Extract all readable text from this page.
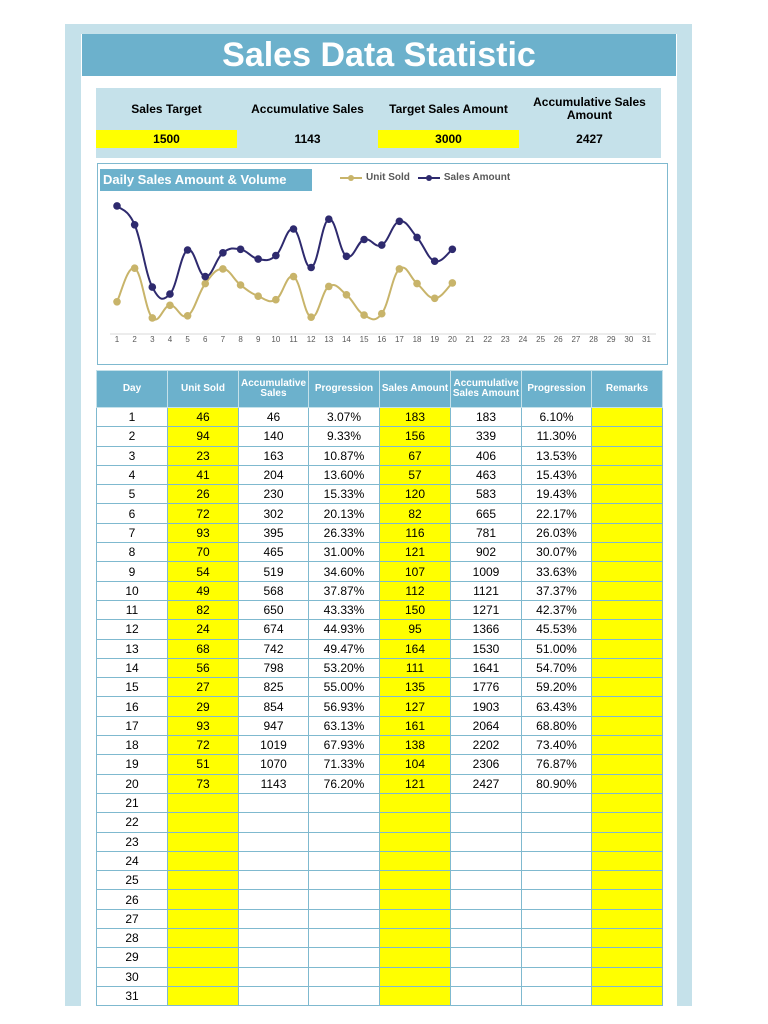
Sales Data Statistic
Sales Target	Accumulative Sales	Target Sales Amount	Accumulative Sales Amount
1500	1143	3000	2427
1 2 3 4 5 6 7 8 9 10 11 12 13 14 15 16 17 18 19 20 21 22 23 24 25 26 27 28 29 30 31
Daily Sales Amount & Volume	Unit Sold	Sales Amount
Day	Unit Sold	Accumulative Sales	Progression	Sales Amount	Accumulative Sales Amount	Progression	Remarks
1	46	46	3.07%	183	183	6.10%	
2	94	140	9.33%	156	339	11.30%	
3	23	163	10.87%	67	406	13.53%	
4	41	204	13.60%	57	463	15.43%	
5	26	230	15.33%	120	583	19.43%	
6	72	302	20.13%	82	665	22.17%	
7	93	395	26.33%	116	781	26.03%	
8	70	465	31.00%	121	902	30.07%	
9	54	519	34.60%	107	1009	33.63%	
10	49	568	37.87%	112	1121	37.37%	
11	82	650	43.33%	150	1271	42.37%	
12	24	674	44.93%	95	1366	45.53%	
13	68	742	49.47%	164	1530	51.00%	
14	56	798	53.20%	111	1641	54.70%	
15	27	825	55.00%	135	1776	59.20%	
16	29	854	56.93%	127	1903	63.43%	
17	93	947	63.13%	161	2064	68.80%	
18	72	1019	67.93%	138	2202	73.40%	
19	51	1070	71.33%	104	2306	76.87%	
20	73	1143	76.20%	121	2427	80.90%	
21							
22							
23							
24							
25							
26							
27							
28							
29							
30							
31							
